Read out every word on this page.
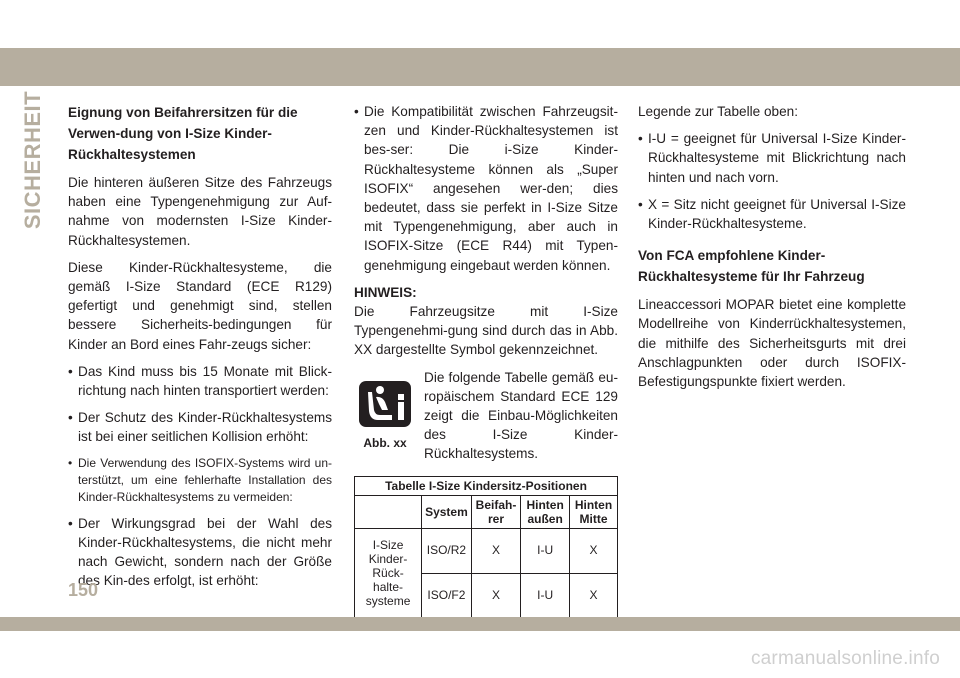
SICHERHEIT Eignung von Beifahrersitzen für die Verwen-dung von I-Size Kinder-Rückhaltesystemen

Die hinteren äußeren Sitze des Fahrzeugs haben eine Typengenehmigung zur Auf-nahme von modernsten I-Size Kinder-Rückhaltesystemen.

Diese Kinder-Rückhaltesysteme, die gemäß I-Size Standard (ECE R129) gefertigt und genehmigt sind, stellen bessere Sicherheits-bedingungen für Kinder an Bord eines Fahr-zeugs sicher:

• Das Kind muss bis 15 Monate mit Blick-richtung nach hinten transportiert werden:
• Der Schutz des Kinder-Rückhaltesystems ist bei einer seitlichen Kollision erhöht:
• Die Verwendung des ISOFIX-Systems wird un-terstützt, um eine fehlerhafte Installation des Kinder-Rückhaltesystems zu vermeiden:
• Der Wirkungsgrad bei der Wahl des Kinder-Rückhaltesystems, die nicht mehr nach Gewicht, sondern nach der Größe des Kin-des erfolgt, ist erhöht:
• Die Kompatibilität zwischen Fahrzeugsit-zen und Kinder-Rückhaltesystemen ist bes-ser: Die i-Size Kinder-Rückhaltesysteme können als „Super ISOFIX“ angesehen wer-den; dies bedeutet, dass sie perfekt in I-Size Sitze mit Typengenehmigung, aber auch in ISOFIX-Sitze (ECE R44) mit Typen-genehmigung eingebaut werden können.
HINWEIS:

Die Fahrzeugsitze mit I-Size Typengenehmi-gung sind durch das in Abb. XX dargestellte Symbol gekennzeichnet.

Abb. xx
Die folgende Tabelle gemäß eu-ropäischem Standard ECE 129 zeigt die Einbau-Möglichkeiten des I-Size Kinder-Rückhaltesystems.
Tabelle I-Size Kindersitz-Positionen				
	System	Beifah-rer	Hinten außen	Hinten Mitte
I-Size Kinder-Rück-halte-systeme	ISO/R2	X	I-U	X
	ISO/F2	X	I-U	X

Legende zur Tabelle oben:

• I-U = geeignet für Universal I-Size Kinder-Rückhaltesysteme mit Blickrichtung nach hinten und nach vorn.
• X = Sitz nicht geeignet für Universal I-Size Kinder-Rückhaltesysteme.
Von FCA empfohlene Kinder-Rückhaltesysteme für Ihr Fahrzeug

Lineaccessori MOPAR bietet eine komplette Modellreihe von Kinderrückhaltesystemen, die mithilfe des Sicherheitsgurts mit drei Anschlagpunkten oder durch ISOFIX-Befestigungspunkte fixiert werden.

150
carmanualsonline.info
